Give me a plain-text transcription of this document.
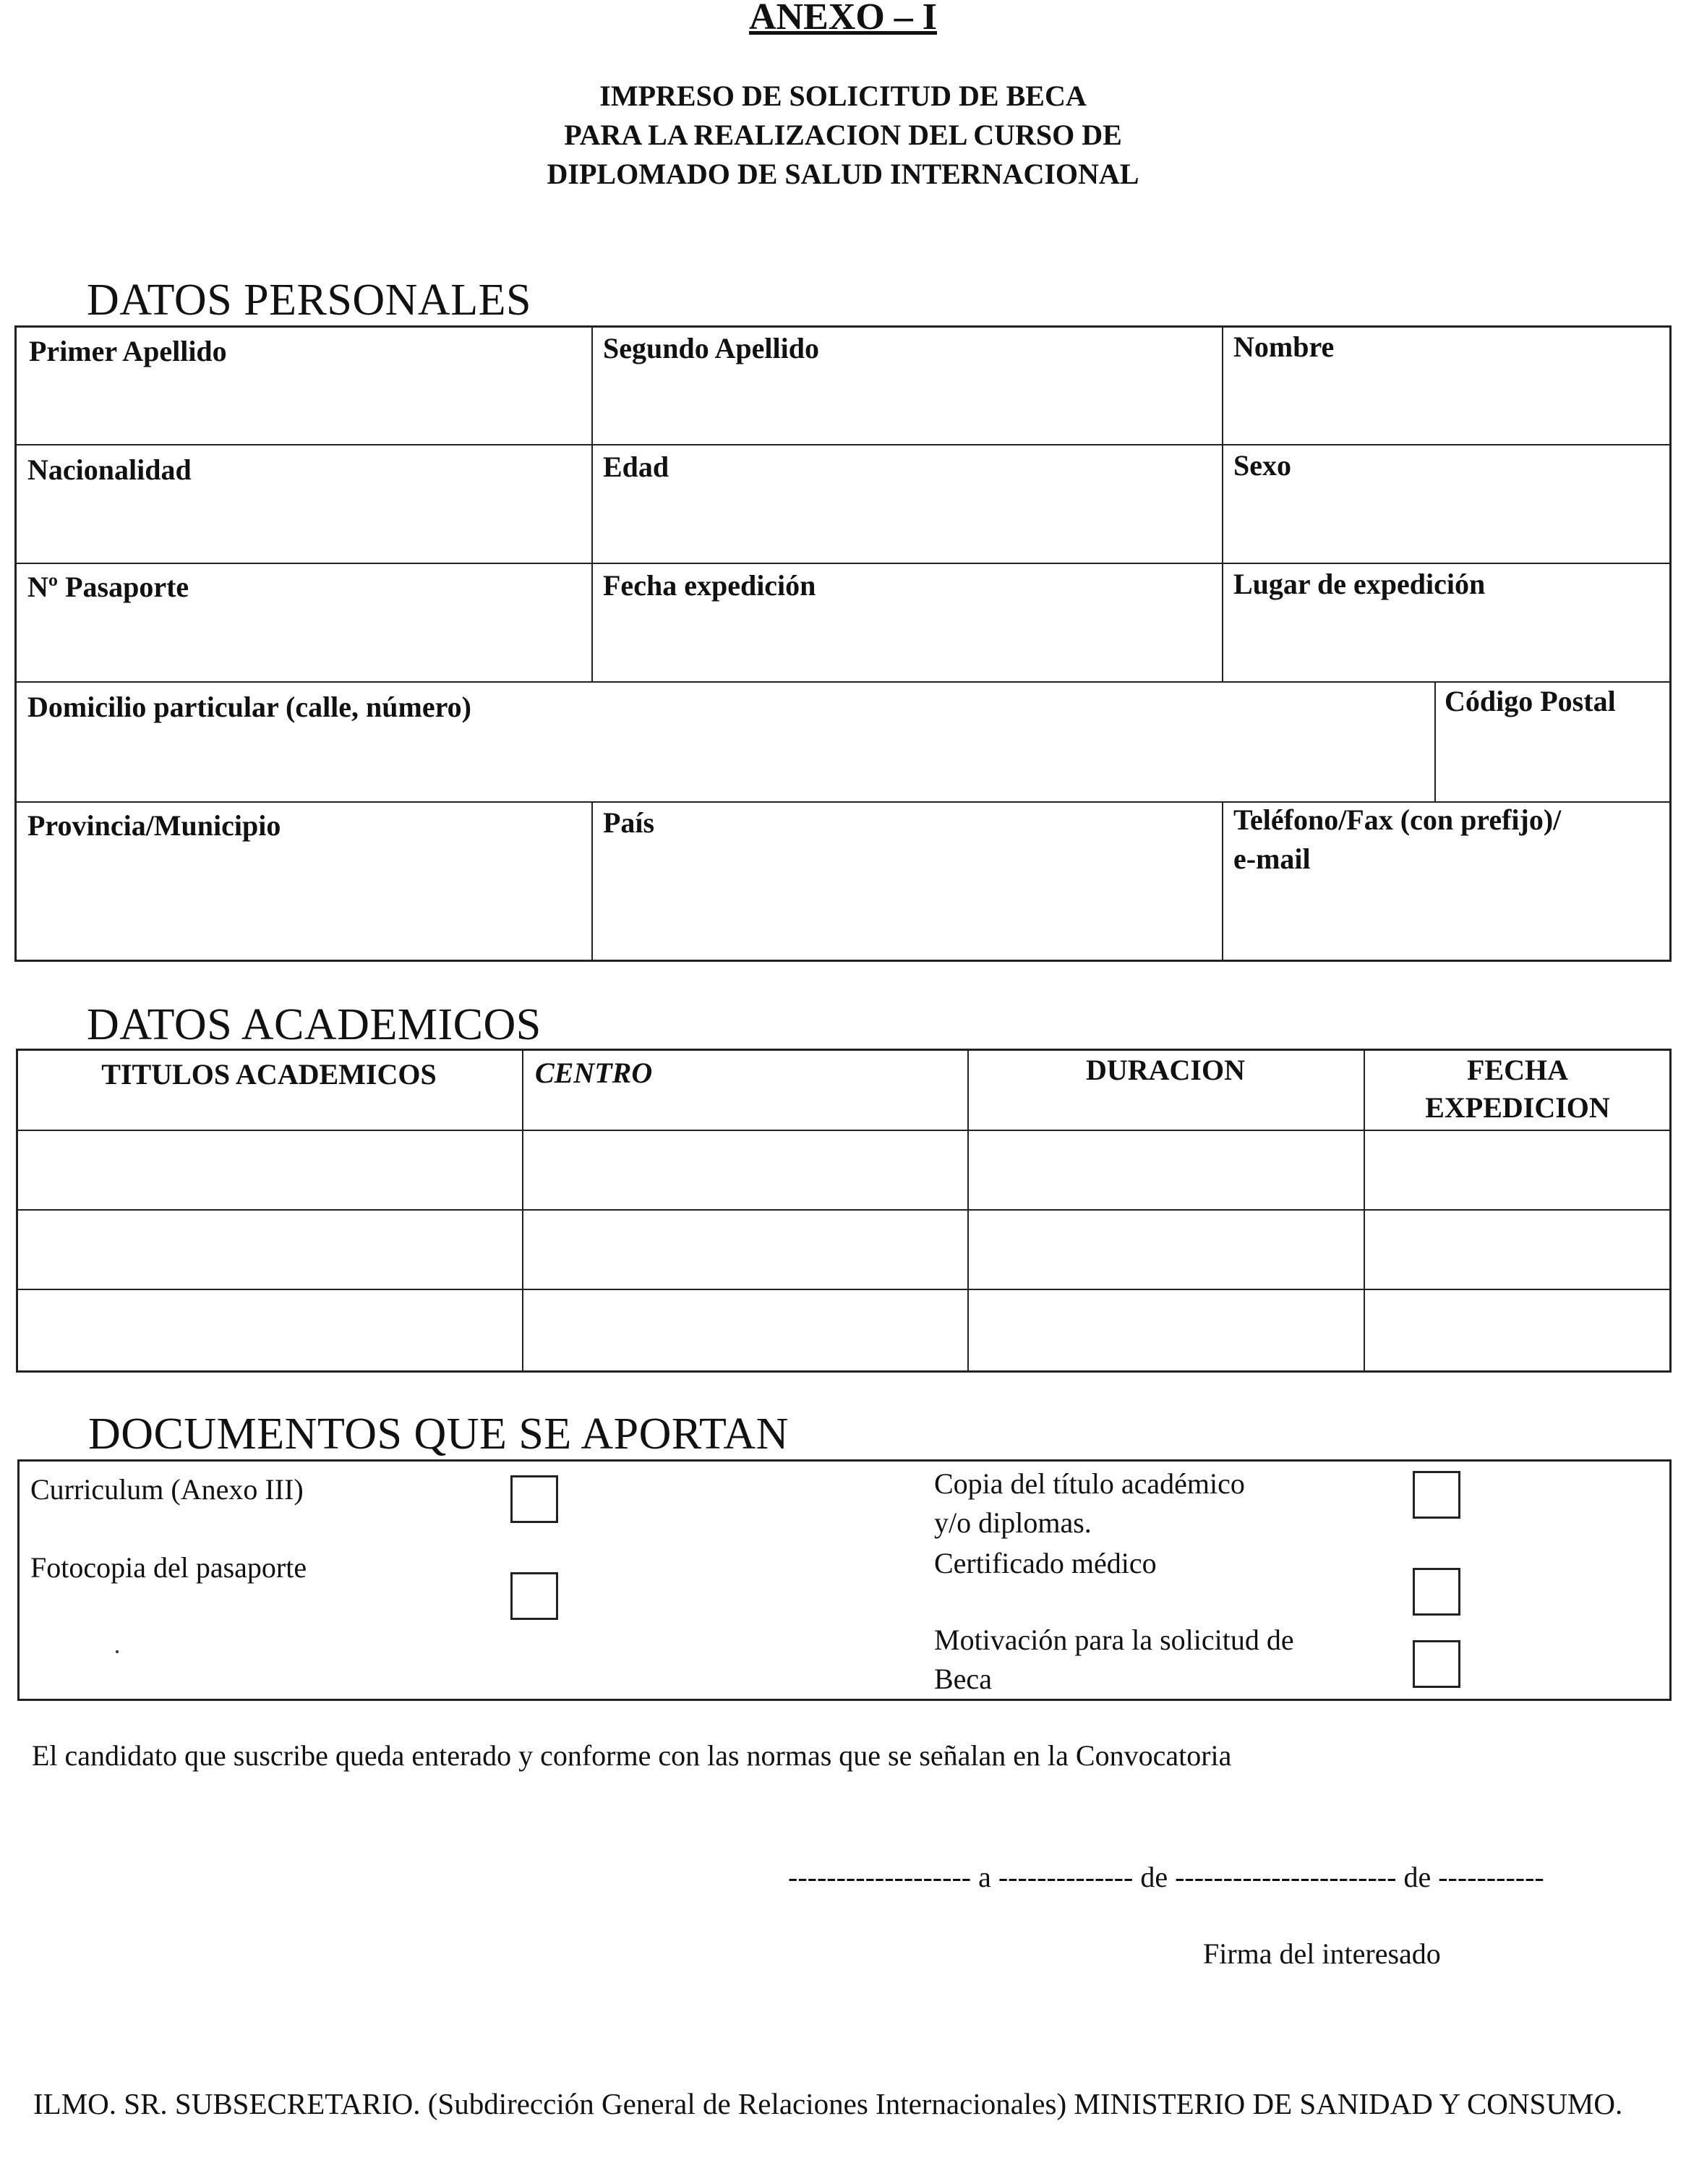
ANEXO – I
IMPRESO DE SOLICITUD DE BECA
PARA LA REALIZACION DEL CURSO DE
DIPLOMADO DE SALUD INTERNACIONAL
DATOS PERSONALES
Primer Apellido	Segundo Apellido	Nombre
Nacionalidad	Edad	Sexo
Nº Pasaporte	Fecha expedición	Lugar de expedición
Domicilio particular (calle, número)	Código Postal
Provincia/Municipio	País	Teléfono/Fax (con prefijo)/
e-mail
DATOS ACADEMICOS
TITULOS ACADEMICOS	CENTRO	DURACION	FECHA
EXPEDICION
DOCUMENTOS QUE SE APORTAN
Curriculum (Anexo III)
Fotocopia del pasaporte
Copia del título académico
y/o diplomas.
Certificado médico
Motivación para la solicitud de
Beca
El candidato que suscribe queda enterado y conforme con las normas que se señalan en la Convocatoria
------------------- a -------------- de ----------------------- de -----------
Firma del interesado
ILMO. SR. SUBSECRETARIO. (Subdirección General de Relaciones Internacionales) MINISTERIO DE SANIDAD Y CONSUMO.
